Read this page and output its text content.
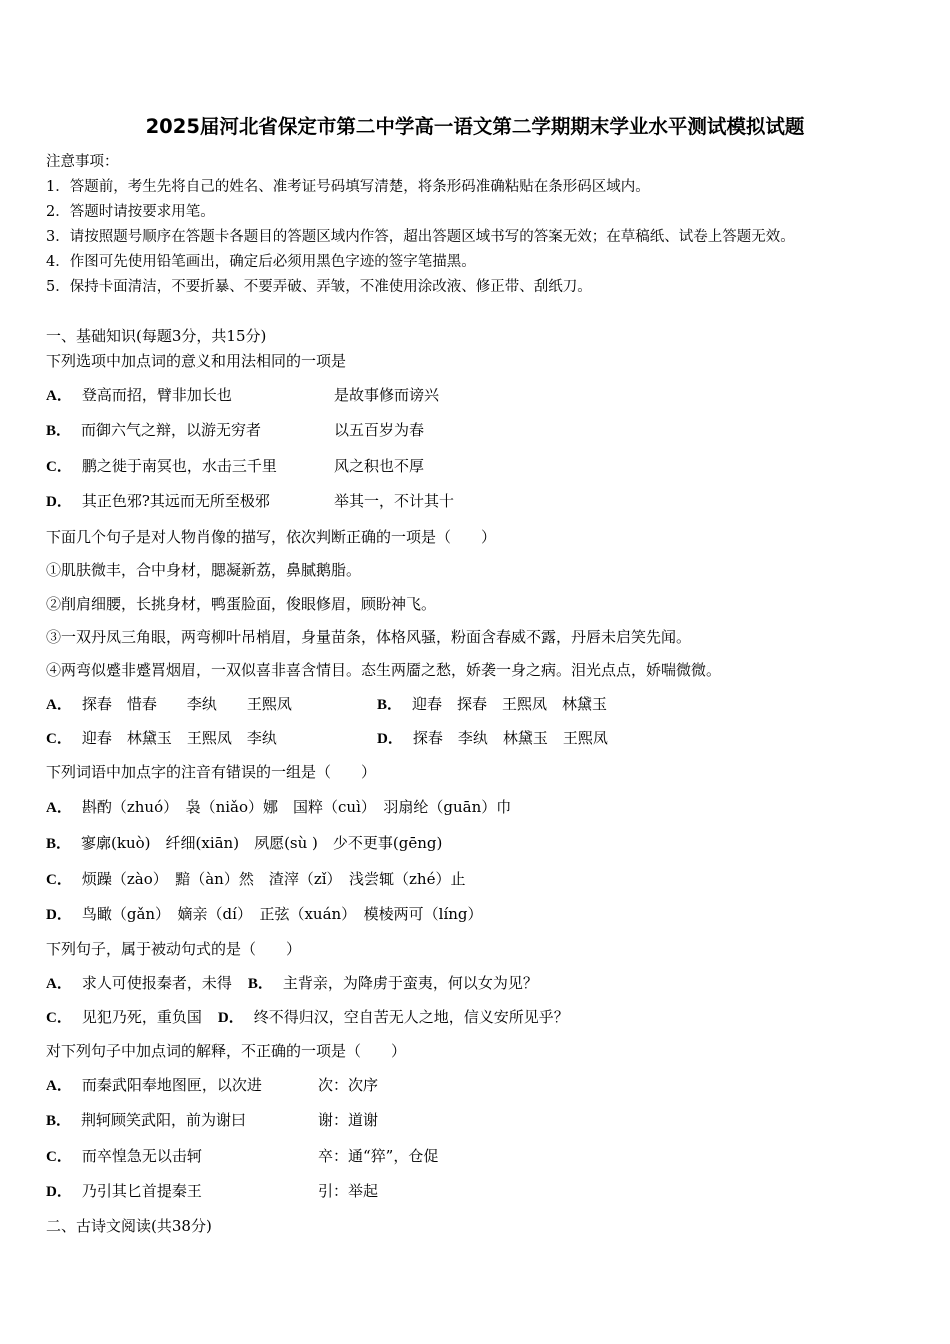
2025届河北省保定市第二中学高一语文第二学期期末学业水平测试模拟试题
注意事项：
1．答题前，考生先将自己的姓名、准考证号码填写清楚，将条形码准确粘贴在条形码区域内。
2．答题时请按要求用笔。
3．请按照题号顺序在答题卡各题目的答题区域内作答，超出答题区域书写的答案无效；在草稿纸、试卷上答题无效。
4．作图可先使用铅笔画出，确定后必须用黑色字迹的签字笔描黑。
5．保持卡面清洁，不要折暴、不要弄破、弄皱，不准使用涂改液、修正带、刮纸刀。
一、基础知识(每题3分，共15分)
下列选项中加点词的意义和用法相同的一项是
A． 登高而招，臂非加长也	是故事修而谤兴
B． 而御六气之辩，以游无穷者	以五百岁为春
C． 鹏之徙于南冥也，水击三千里	风之积也不厚
D． 其正色邪?其远而无所至极邪	举其一，不计其十
下面几个句子是对人物肖像的描写，依次判断正确的一项是（　　）
①肌肤微丰，合中身材，腮凝新荔，鼻腻鹅脂。
②削肩细腰，长挑身材，鸭蛋脸面，俊眼修眉，顾盼神飞。
③一双丹凤三角眼，两弯柳叶吊梢眉，身量苗条，体格风骚，粉面含春威不露，丹唇未启笑先闻。
④两弯似蹙非蹙罥烟眉，一双似喜非喜含情目。态生两靥之愁，娇袭一身之病。泪光点点，娇喘微微。
A． 探春　惜春　　李纨　　王熙凤	B． 迎春　探春　王熙凤　林黛玉
C． 迎春　林黛玉　王熙凤　李纨	D． 探春　李纨　林黛玉　王熙凤
下列词语中加点字的注音有错误的一组是（　　）
A． 斟酌（zhuó）　袅（niǎo）娜　国粹（cuì）　羽扇纶（guān）巾
B． 寥廓(kuò)　纤细(xiān)　夙愿(sù )　少不更事(gēng)
C． 烦躁（zào）　黯（àn）然　渣滓（zǐ）　浅尝辄（zhé）止
D． 鸟瞰（gǎn）　嫡亲（dí）　正弦（xuán）　模棱两可（líng）
下列句子，属于被动句式的是（　　）
A． 求人可使报秦者，未得 B． 主背亲，为降虏于蛮夷，何以女为见？
C． 见犯乃死，重负国 D． 终不得归汉，空自苦无人之地，信义安所见乎？
对下列句子中加点词的解释，不正确的一项是（　　）
A． 而秦武阳奉地图匣，以次进	次：次序
B． 荆轲顾笑武阳，前为谢曰	谢：道谢
C． 而卒惶急无以击轲	卒：通“猝”，仓促
D． 乃引其匕首提秦王	引：举起
二、古诗文阅读(共38分)
